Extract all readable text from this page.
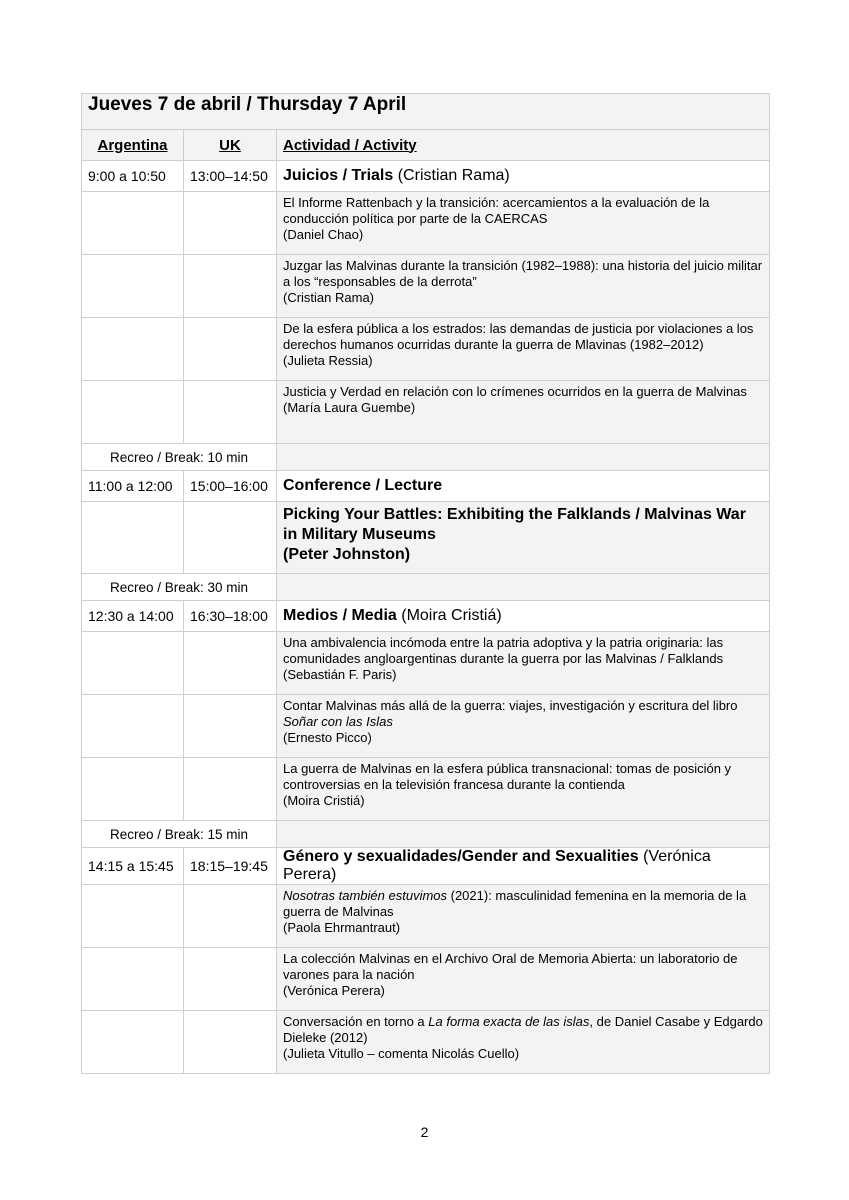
Jueves 7 de abril / Thursday 7 April		
Argentina	UK	Actividad / Activity
9:00 a 10:50	13:00–14:50	Juicios / Trials (Cristian Rama)

		El Informe Rattenbach y la transición: acercamientos a la evaluación de la conducción política por parte de la CAERCAS
(Daniel Chao)

		Juzgar las Malvinas durante la transición (1982–1988): una historia del juicio militar a los “responsables de la derrota”
(Cristian Rama)

		De la esfera pública a los estrados: las demandas de justicia por violaciones a los derechos humanos ocurridas durante la guerra de Mlavinas (1982–2012)
(Julieta Ressia)

		Justicia y Verdad en relación con lo crímenes ocurridos en la guerra de Malvinas
(María Laura Guembe)

Recreo / Break: 10 min		
11:00 a 12:00	15:00–16:00	Conference / Lecture

		Picking Your Battles: Exhibiting the Falklands / Malvinas War in Military Museums
(Peter Johnston)

Recreo / Break: 30 min		
12:30 a 14:00	16:30–18:00	Medios / Media (Moira Cristiá)

		Una ambivalencia incómoda entre la patria adoptiva y la patria originaria: las comunidades angloargentinas durante la guerra por las Malvinas / Falklands
(Sebastián F. Paris)

		Contar Malvinas más allá de la guerra: viajes, investigación y escritura del libro Soñar con las Islas
(Ernesto Picco)

		La guerra de Malvinas en la esfera pública transnacional: tomas de posición y controversias en la televisión francesa durante la contienda
(Moira Cristiá)

Recreo / Break: 15 min		
14:15 a 15:45	18:15–19:45	Género y sexualidades/Gender and Sexualities (Verónica Perera)

		Nosotras también estuvimos (2021): masculinidad femenina en la memoria de la guerra de Malvinas
(Paola Ehrmantraut)

		La colección Malvinas en el Archivo Oral de Memoria Abierta: un laboratorio de varones para la nación
(Verónica Perera)

		Conversación en torno a La forma exacta de las islas, de Daniel Casabe y Edgardo Dieleke (2012)
(Julieta Vitullo – comenta Nicolás Cuello)
2
